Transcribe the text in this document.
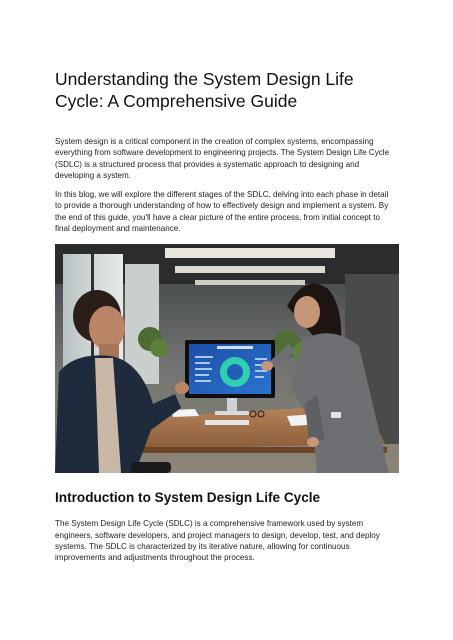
Understanding the System Design Life Cycle: A Comprehensive Guide

System design is a critical component in the creation of complex systems, encompassing everything from software development to engineering projects. The System Design Life Cycle (SDLC) is a structured process that provides a systematic approach to designing and developing a system.

In this blog, we will explore the different stages of the SDLC, delving into each phase in detail to provide a thorough understanding of how to effectively design and implement a system. By the end of this guide, you'll have a clear picture of the entire process, from initial concept to final deployment and maintenance.

Introduction to System Design Life Cycle

The System Design Life Cycle (SDLC) is a comprehensive framework used by system engineers, software developers, and project managers to design, develop, test, and deploy systems. The SDLC is characterized by its iterative nature, allowing for continuous improvements and adjustments throughout the process.
